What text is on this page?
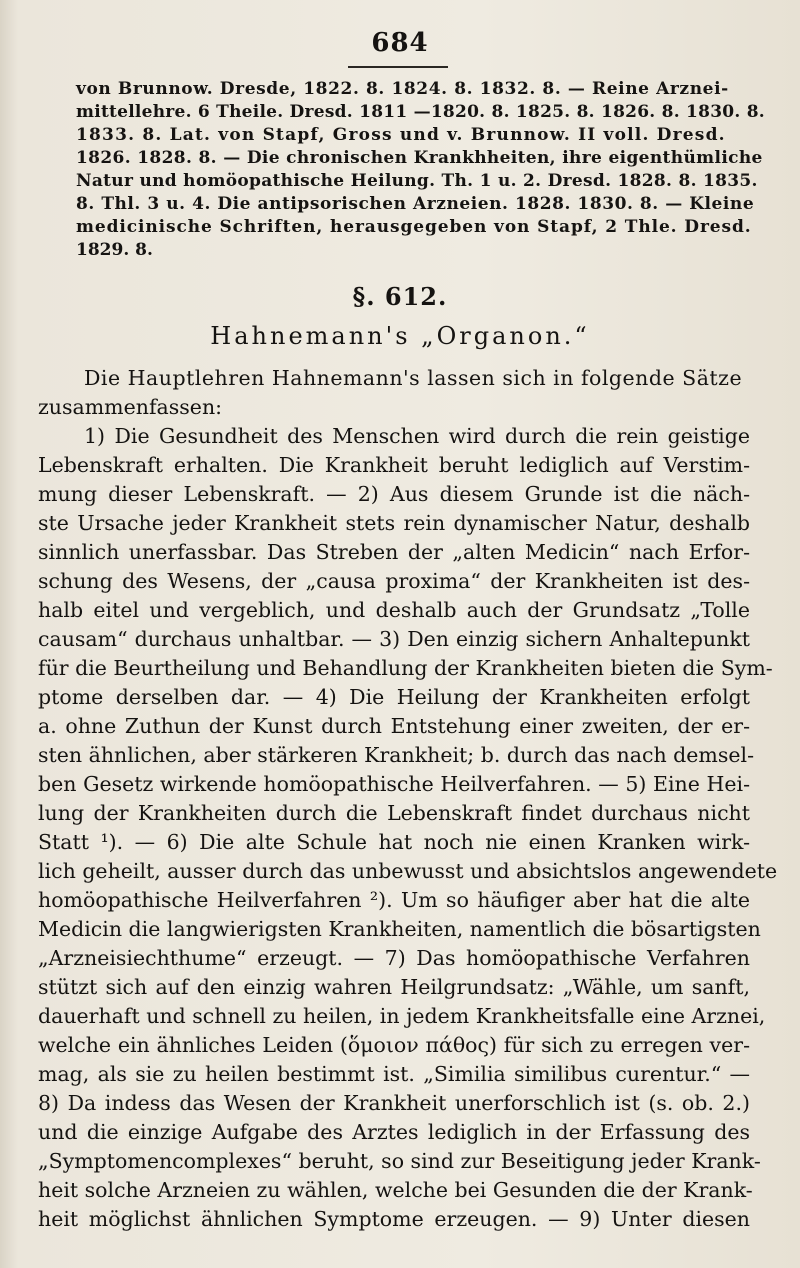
684
von Brunnow. Dresde, 1822. 8. 1824. 8. 1832. 8. — Reine Arznei-
mittellehre. 6 Theile. Dresd. 1811 —1820. 8. 1825. 8. 1826. 8. 1830. 8.
1833. 8. Lat. von Stapf, Gross und v. Brunnow. II voll. Dresd.
1826. 1828. 8. — Die chronischen Krankhheiten, ihre eigenthümliche
Natur und homöopathische Heilung. Th. 1 u. 2. Dresd. 1828. 8. 1835.
8. Thl. 3 u. 4. Die antipsorischen Arzneien. 1828. 1830. 8. — Kleine
medicinische Schriften, herausgegeben von Stapf, 2 Thle. Dresd.
1829. 8.
§. 612.
Hahnemann's „Organon.“
Die Hauptlehren Hahnemann's lassen sich in folgende Sätze
zusammenfassen:
1) Die Gesundheit des Menschen wird durch die rein geistige
Lebenskraft erhalten. Die Krankheit beruht lediglich auf Verstim-
mung dieser Lebenskraft. — 2) Aus diesem Grunde ist die näch-
ste Ursache jeder Krankheit stets rein dynamischer Natur, deshalb
sinnlich unerfassbar. Das Streben der „alten Medicin“ nach Erfor-
schung des Wesens, der „causa proxima“ der Krankheiten ist des-
halb eitel und vergeblich, und deshalb auch der Grundsatz „Tolle
causam“ durchaus unhaltbar. — 3) Den einzig sichern Anhaltepunkt
für die Beurtheilung und Behandlung der Krankheiten bieten die Sym-
ptome derselben dar. — 4) Die Heilung der Krankheiten erfolgt
a. ohne Zuthun der Kunst durch Entstehung einer zweiten, der er-
sten ähnlichen, aber stärkeren Krankheit; b. durch das nach demsel-
ben Gesetz wirkende homöopathische Heilverfahren. — 5) Eine Hei-
lung der Krankheiten durch die Lebenskraft findet durchaus nicht
Statt ¹). — 6) Die alte Schule hat noch nie einen Kranken wirk-
lich geheilt, ausser durch das unbewusst und absichtslos angewendete
homöopathische Heilverfahren ²). Um so häufiger aber hat die alte
Medicin die langwierigsten Krankheiten, namentlich die bösartigsten
„Arzneisiechthume“ erzeugt. — 7) Das homöopathische Verfahren
stützt sich auf den einzig wahren Heilgrundsatz: „Wähle, um sanft,
dauerhaft und schnell zu heilen, in jedem Krankheitsfalle eine Arznei,
welche ein ähnliches Leiden (ὅμοιον πάθος) für sich zu erregen ver-
mag, als sie zu heilen bestimmt ist. „Similia similibus curentur.“ —
8) Da indess das Wesen der Krankheit unerforschlich ist (s. ob. 2.)
und die einzige Aufgabe des Arztes lediglich in der Erfassung des
„Symptomencomplexes“ beruht, so sind zur Beseitigung jeder Krank-
heit solche Arzneien zu wählen, welche bei Gesunden die der Krank-
heit möglichst ähnlichen Symptome erzeugen. — 9) Unter diesen
